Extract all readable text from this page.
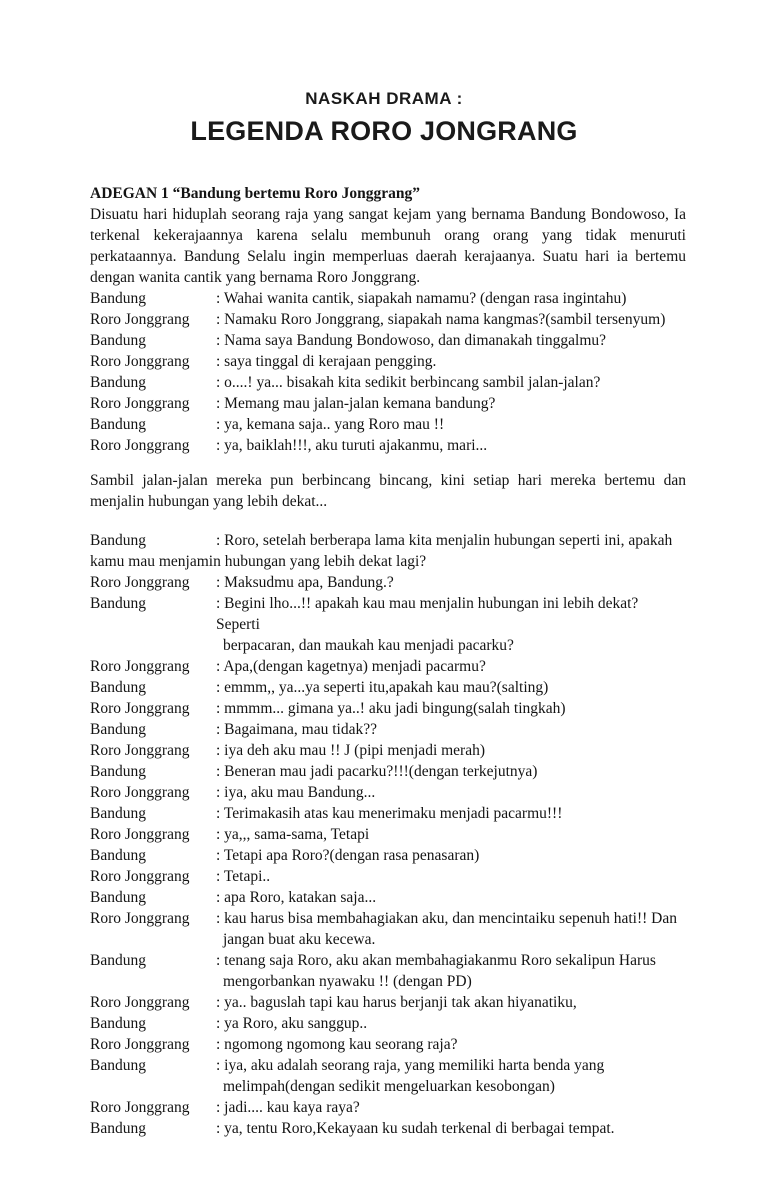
NASKAH DRAMA :
LEGENDA RORO JONGRANG
ADEGAN 1 “Bandung bertemu Roro Jonggrang”

Disuatu hari hiduplah seorang raja yang sangat kejam yang bernama Bandung Bondowoso, Ia terkenal kekerajaannya karena selalu membunuh orang orang yang tidak menuruti perkataannya. Bandung Selalu ingin memperluas daerah kerajaanya. Suatu hari ia bertemu dengan wanita cantik yang bernama Roro Jonggrang.

Bandung	: Wahai wanita cantik, siapakah namamu? (dengan rasa ingintahu)
Roro Jonggrang	: Namaku Roro Jonggrang, siapakah nama kangmas?(sambil tersenyum)
Bandung	: Nama saya Bandung Bondowoso, dan dimanakah tinggalmu?
Roro Jonggrang	: saya tinggal di kerajaan pengging.
Bandung	: o....! ya... bisakah kita sedikit berbincang sambil jalan-jalan?
Roro Jonggrang	: Memang mau jalan-jalan kemana bandung?
Bandung	: ya, kemana saja.. yang Roro mau !!
Roro Jonggrang	: ya, baiklah!!!, aku turuti ajakanmu, mari...

Sambil jalan-jalan mereka pun berbincang bincang, kini setiap hari mereka bertemu dan menjalin hubungan yang lebih dekat...

Bandung	: Roro, setelah berberapa lama kita menjalin hubungan seperti ini, apakah
kamu mau menjamin hubungan yang lebih dekat lagi?
Roro Jonggrang	: Maksudmu apa, Bandung.?
Bandung	: Begini lho...!! apakah kau mau menjalin hubungan ini lebih dekat? Seperti
berpacaran, dan maukah kau menjadi pacarku?
Roro Jonggrang	: Apa,(dengan kagetnya) menjadi pacarmu?
Bandung	: emmm,, ya...ya seperti itu,apakah kau mau?(salting)
Roro Jonggrang	: mmmm... gimana ya..! aku jadi bingung(salah tingkah)
Bandung	: Bagaimana, mau tidak??
Roro Jonggrang	: iya deh aku mau !! J (pipi menjadi merah)
Bandung	: Beneran mau jadi pacarku?!!!(dengan terkejutnya)
Roro Jonggrang	: iya, aku mau Bandung...
Bandung	: Terimakasih atas kau menerimaku menjadi pacarmu!!!
Roro Jonggrang	: ya,,, sama-sama, Tetapi
Bandung	: Tetapi apa Roro?(dengan rasa penasaran)
Roro Jonggrang	: Tetapi..
Bandung	: apa Roro, katakan saja...
Roro Jonggrang	: kau harus bisa membahagiakan aku, dan mencintaiku sepenuh hati!! Dan
jangan buat aku kecewa.
Bandung	: tenang saja Roro, aku akan membahagiakanmu Roro sekalipun Harus
mengorbankan nyawaku !! (dengan PD)
Roro Jonggrang	: ya.. baguslah tapi kau harus berjanji tak akan hiyanatiku,
Bandung	: ya Roro, aku sanggup..
Roro Jonggrang	: ngomong ngomong kau seorang raja?
Bandung	: iya, aku adalah seorang raja, yang memiliki harta benda yang
melimpah(dengan sedikit mengeluarkan kesobongan)
Roro Jonggrang	: jadi.... kau kaya raya?
Bandung	: ya, tentu Roro,Kekayaan ku sudah terkenal di berbagai tempat.
